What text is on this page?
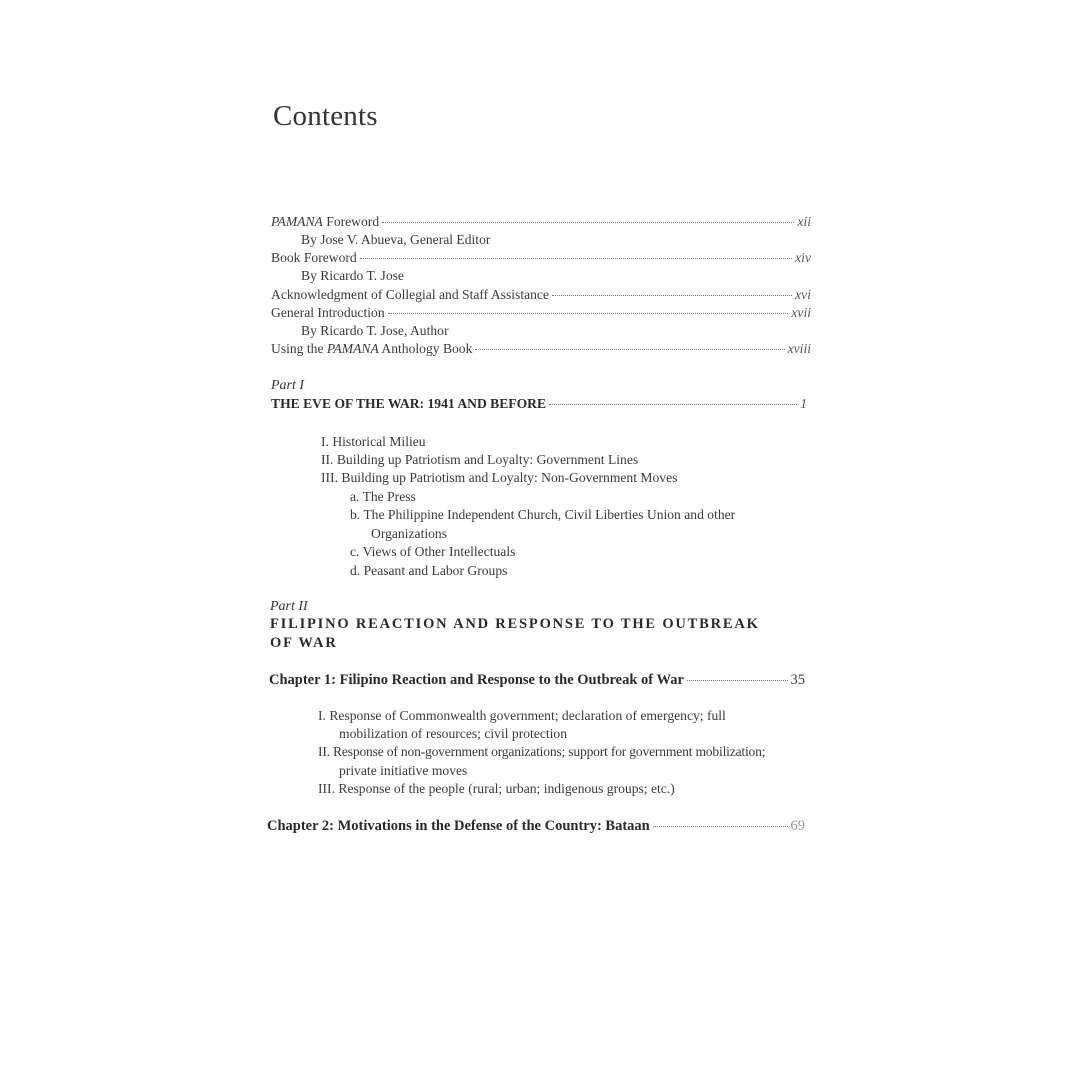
Contents
PAMANA Foreword	xii
By Jose V. Abueva, General Editor
Book Foreword	xiv
By Ricardo T. Jose
Acknowledgment of Collegial and Staff Assistance	xvi
General Introduction	xvii
By Ricardo T. Jose, Author
Using the PAMANA Anthology Book	xviii
Part I
THE EVE OF THE WAR: 1941 AND BEFORE	1
I. Historical Milieu
II. Building up Patriotism and Loyalty: Government Lines
III. Building up Patriotism and Loyalty: Non-Government Moves
a. The Press
b. The Philippine Independent Church, Civil Liberties Union and other
Organizations
c. Views of Other Intellectuals
d. Peasant and Labor Groups
Part II
FILIPINO REACTION AND RESPONSE TO THE OUTBREAK
OF WAR
Chapter 1: Filipino Reaction and Response to the Outbreak of War	35
I. Response of Commonwealth government; declaration of emergency; full
mobilization of resources; civil protection
II. Response of non-government organizations; support for government mobilization;
private initiative moves
III. Response of the people (rural; urban; indigenous groups; etc.)
Chapter 2: Motivations in the Defense of the Country: Bataan	69
